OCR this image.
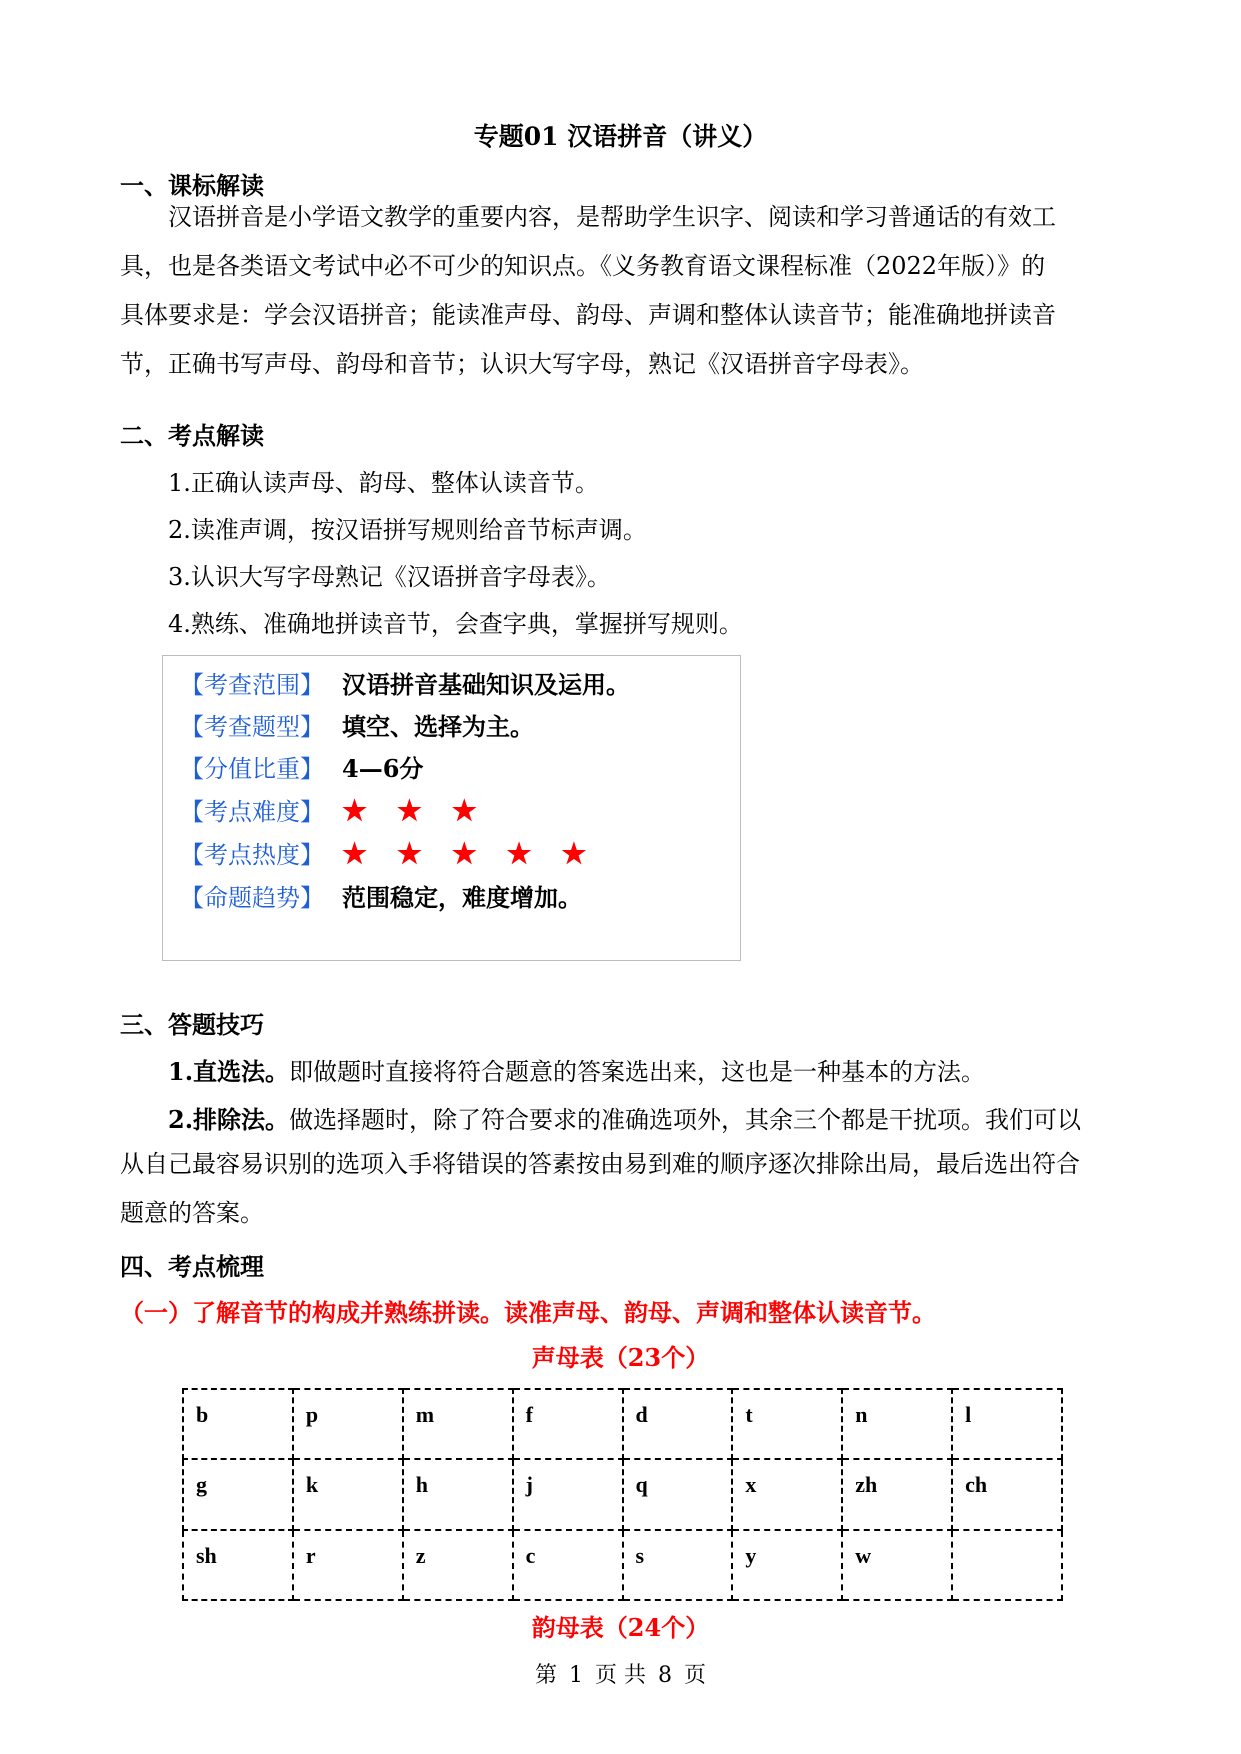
专题01 汉语拼音（讲义）
一、课标解读

汉语拼音是小学语文教学的重要内容，是帮助学生识字、阅读和学习普通话的有效工

具，也是各类语文考试中必不可少的知识点。《义务教育语文课程标准（2022年版）》的

具体要求是：学会汉语拼音；能读准声母、韵母、声调和整体认读音节；能准确地拼读音

节，正确书写声母、韵母和音节；认识大写字母，熟记《汉语拼音字母表》。

二、考点解读
1.正确认读声母、韵母、整体认读音节。
2.读准声调，按汉语拼写规则给音节标声调。
3.认识大写字母熟记《汉语拼音字母表》。
4.熟练、准确地拼读音节，会查字典，掌握拼写规则。
【考查范围】 汉语拼音基础知识及运用。
【考查题型】 填空、选择为主。
【分值比重】 4—6分
【考点难度】 ★ ★ ★
【考点热度】 ★ ★ ★ ★ ★
【命题趋势】 范围稳定，难度增加。
三、答题技巧
1.直选法。即做题时直接将符合题意的答案选出来，这也是一种基本的方法。
2.排除法。做选择题时，除了符合要求的准确选项外，其余三个都是干扰项。我们可以
从自己最容易识别的选项入手将错误的答素按由易到难的顺序逐次排除出局，最后选出符合
题意的答案。
四、考点梳理
（一）了解音节的构成并熟练拼读。读准声母、韵母、声调和整体认读音节。
声母表（23个）
b	p	m	f	d	t	n	l
g	k	h	j	q	x	zh	ch
sh	r	z	c	s	y	w	
韵母表（24个）
第 1 页 共 8 页
